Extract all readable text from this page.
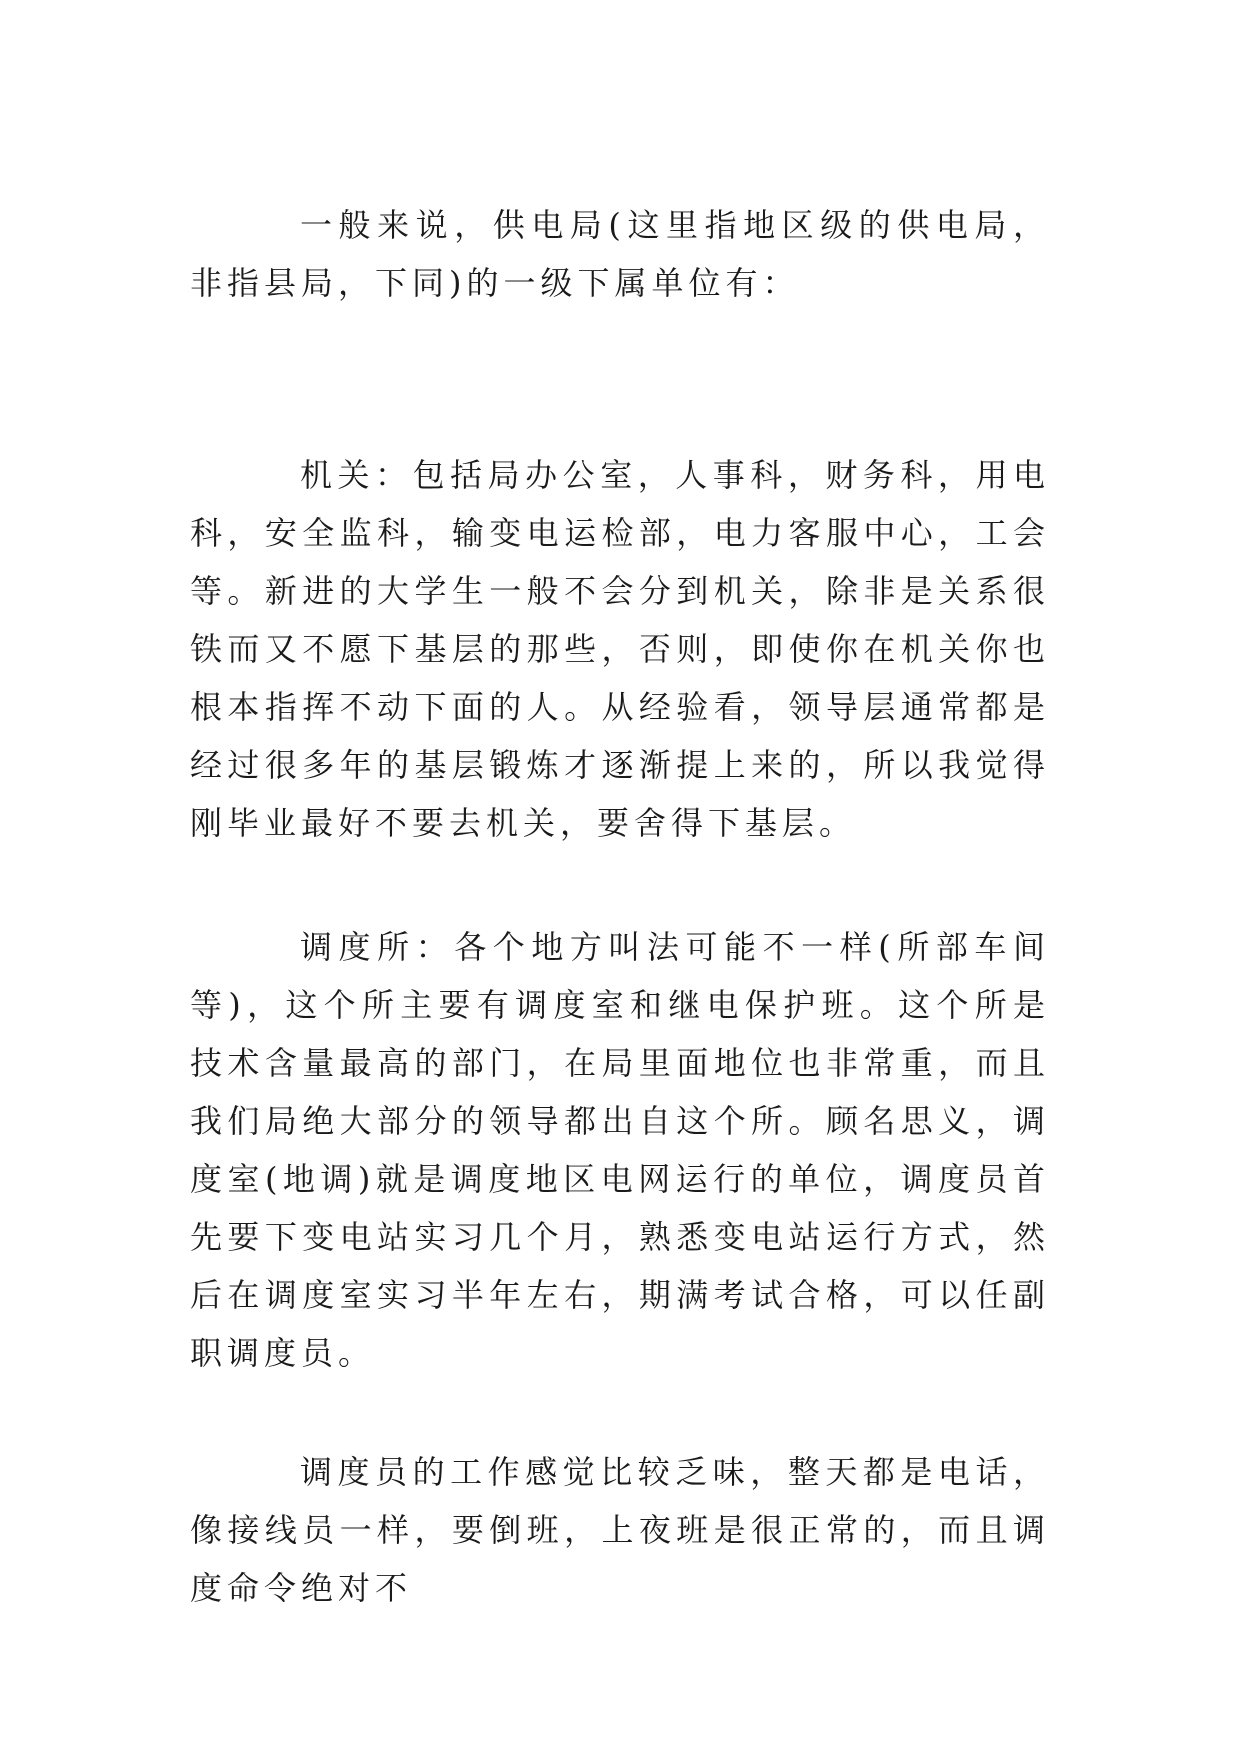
一般来说，供电局(这里指地区级的供电局，非指县局，下同)的一级下属单位有：

机关：包括局办公室，人事科，财务科，用电科，安全监科，输变电运检部，电力客服中心，工会等。新进的大学生一般不会分到机关，除非是关系很铁而又不愿下基层的那些，否则，即使你在机关你也根本指挥不动下面的人。从经验看，领导层通常都是经过很多年的基层锻炼才逐渐提上来的，所以我觉得刚毕业最好不要去机关，要舍得下基层。

调度所：各个地方叫法可能不一样(所部车间等)，这个所主要有调度室和继电保护班。这个所是技术含量最高的部门，在局里面地位也非常重，而且我们局绝大部分的领导都出自这个所。顾名思义，调度室(地调)就是调度地区电网运行的单位，调度员首先要下变电站实习几个月，熟悉变电站运行方式，然后在调度室实习半年左右，期满考试合格，可以任副职调度员。

调度员的工作感觉比较乏味，整天都是电话，像接线员一样，要倒班，上夜班是很正常的，而且调度命令绝对不
